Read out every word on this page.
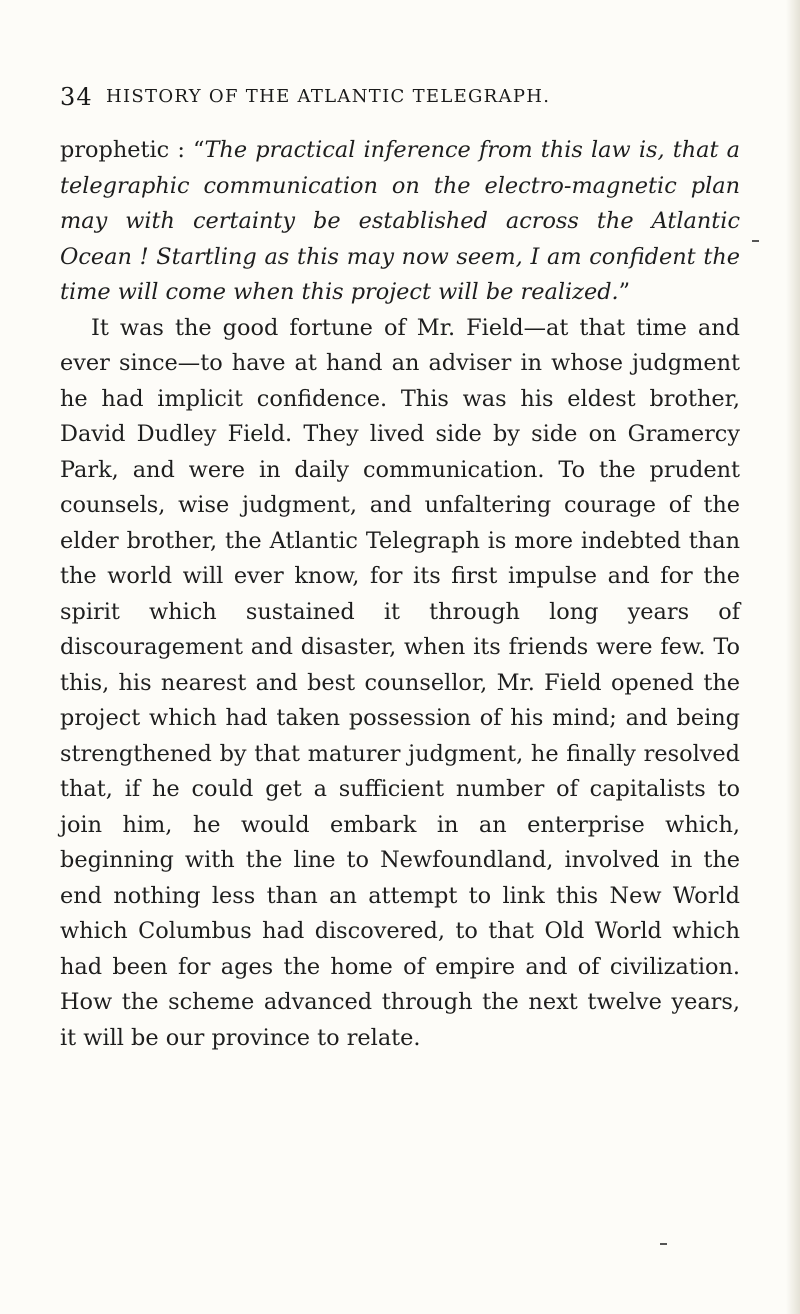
34 HISTORY OF THE ATLANTIC TELEGRAPH.

prophetic : “The practical inference from this law is, that a telegraphic communication on the electro-magnetic plan may with certainty be established across the Atlantic Ocean ! Startling as this may now seem, I am confident the time will come when this project will be realized.”

It was the good fortune of Mr. Field—at that time and ever since—to have at hand an adviser in whose judgment he had implicit confidence. This was his eldest brother, David Dudley Field. They lived side by side on Gramercy Park, and were in daily communication. To the prudent counsels, wise judgment, and unfaltering courage of the elder brother, the Atlantic Telegraph is more indebted than the world will ever know, for its first impulse and for the spirit which sustained it through long years of discouragement and disaster, when its friends were few. To this, his nearest and best counsellor, Mr. Field opened the project which had taken possession of his mind; and being strengthened by that maturer judgment, he finally resolved that, if he could get a sufficient number of capitalists to join him, he would embark in an enterprise which, beginning with the line to Newfoundland, involved in the end nothing less than an attempt to link this New World which Columbus had discovered, to that Old World which had been for ages the home of empire and of civilization. How the scheme advanced through the next twelve years, it will be our province to relate.
